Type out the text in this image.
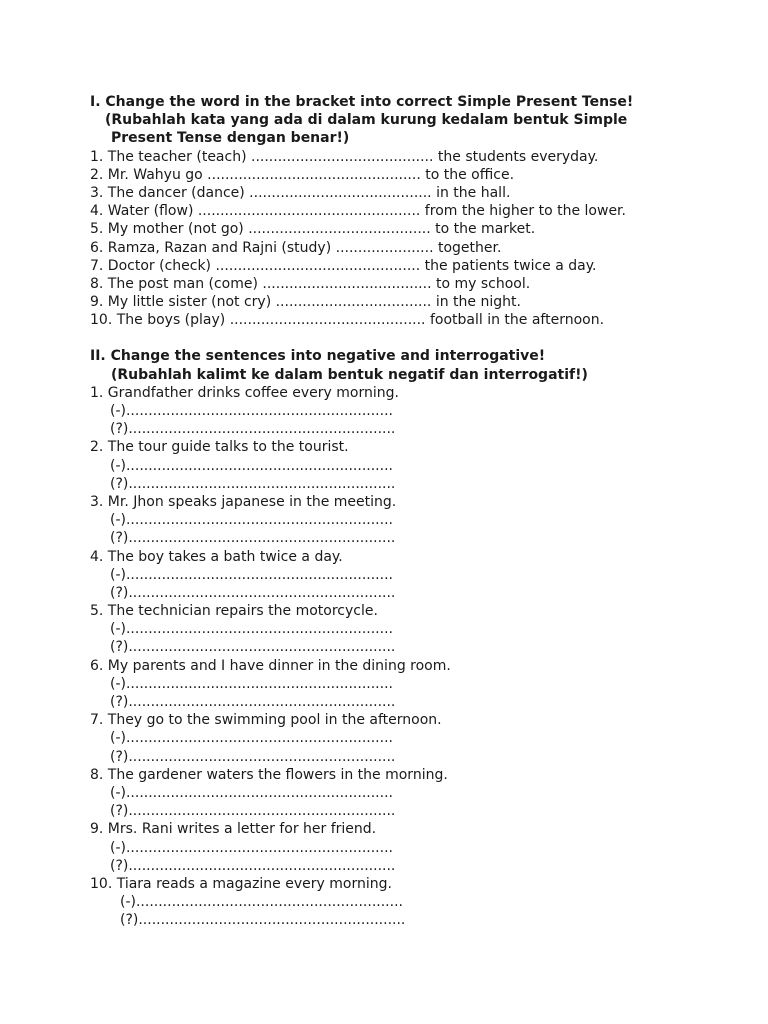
I. Change the word in the bracket into correct Simple Present Tense!
(Rubahlah kata yang ada di dalam kurung kedalam bentuk Simple
Present Tense dengan benar!)
1. The teacher (teach) ......................................... the students everyday.
2. Mr. Wahyu go ................................................ to the office.
3. The dancer (dance) ......................................... in the hall.
4. Water (flow) .................................................. from the higher to the lower.
5. My mother (not go) ......................................... to the market.
6. Ramza, Razan and Rajni (study) ...................... together.
7. Doctor (check) .............................................. the patients twice a day.
8. The post man (come) ...................................... to my school.
9. My little sister (not cry) ................................... in the night.
10. The boys (play) ............................................ football in the afternoon.
II. Change the sentences into negative and interrogative!
(Rubahlah kalimt ke dalam bentuk negatif dan interrogatif!)
1. Grandfather drinks coffee every morning.
(-)............................................................
(?)............................................................
2. The tour guide talks to the tourist.
(-)............................................................
(?)............................................................
3. Mr. Jhon speaks japanese in the meeting.
(-)............................................................
(?)............................................................
4. The boy takes a bath twice a day.
(-)............................................................
(?)............................................................
5. The technician repairs the motorcycle.
(-)............................................................
(?)............................................................
6. My parents and I have dinner in the dining room.
(-)............................................................
(?)............................................................
7. They go to the swimming pool in the afternoon.
(-)............................................................
(?)............................................................
8. The gardener waters the flowers in the morning.
(-)............................................................
(?)............................................................
9. Mrs. Rani writes a letter for her friend.
(-)............................................................
(?)............................................................
10. Tiara reads a magazine every morning.
(-)............................................................
(?)............................................................
